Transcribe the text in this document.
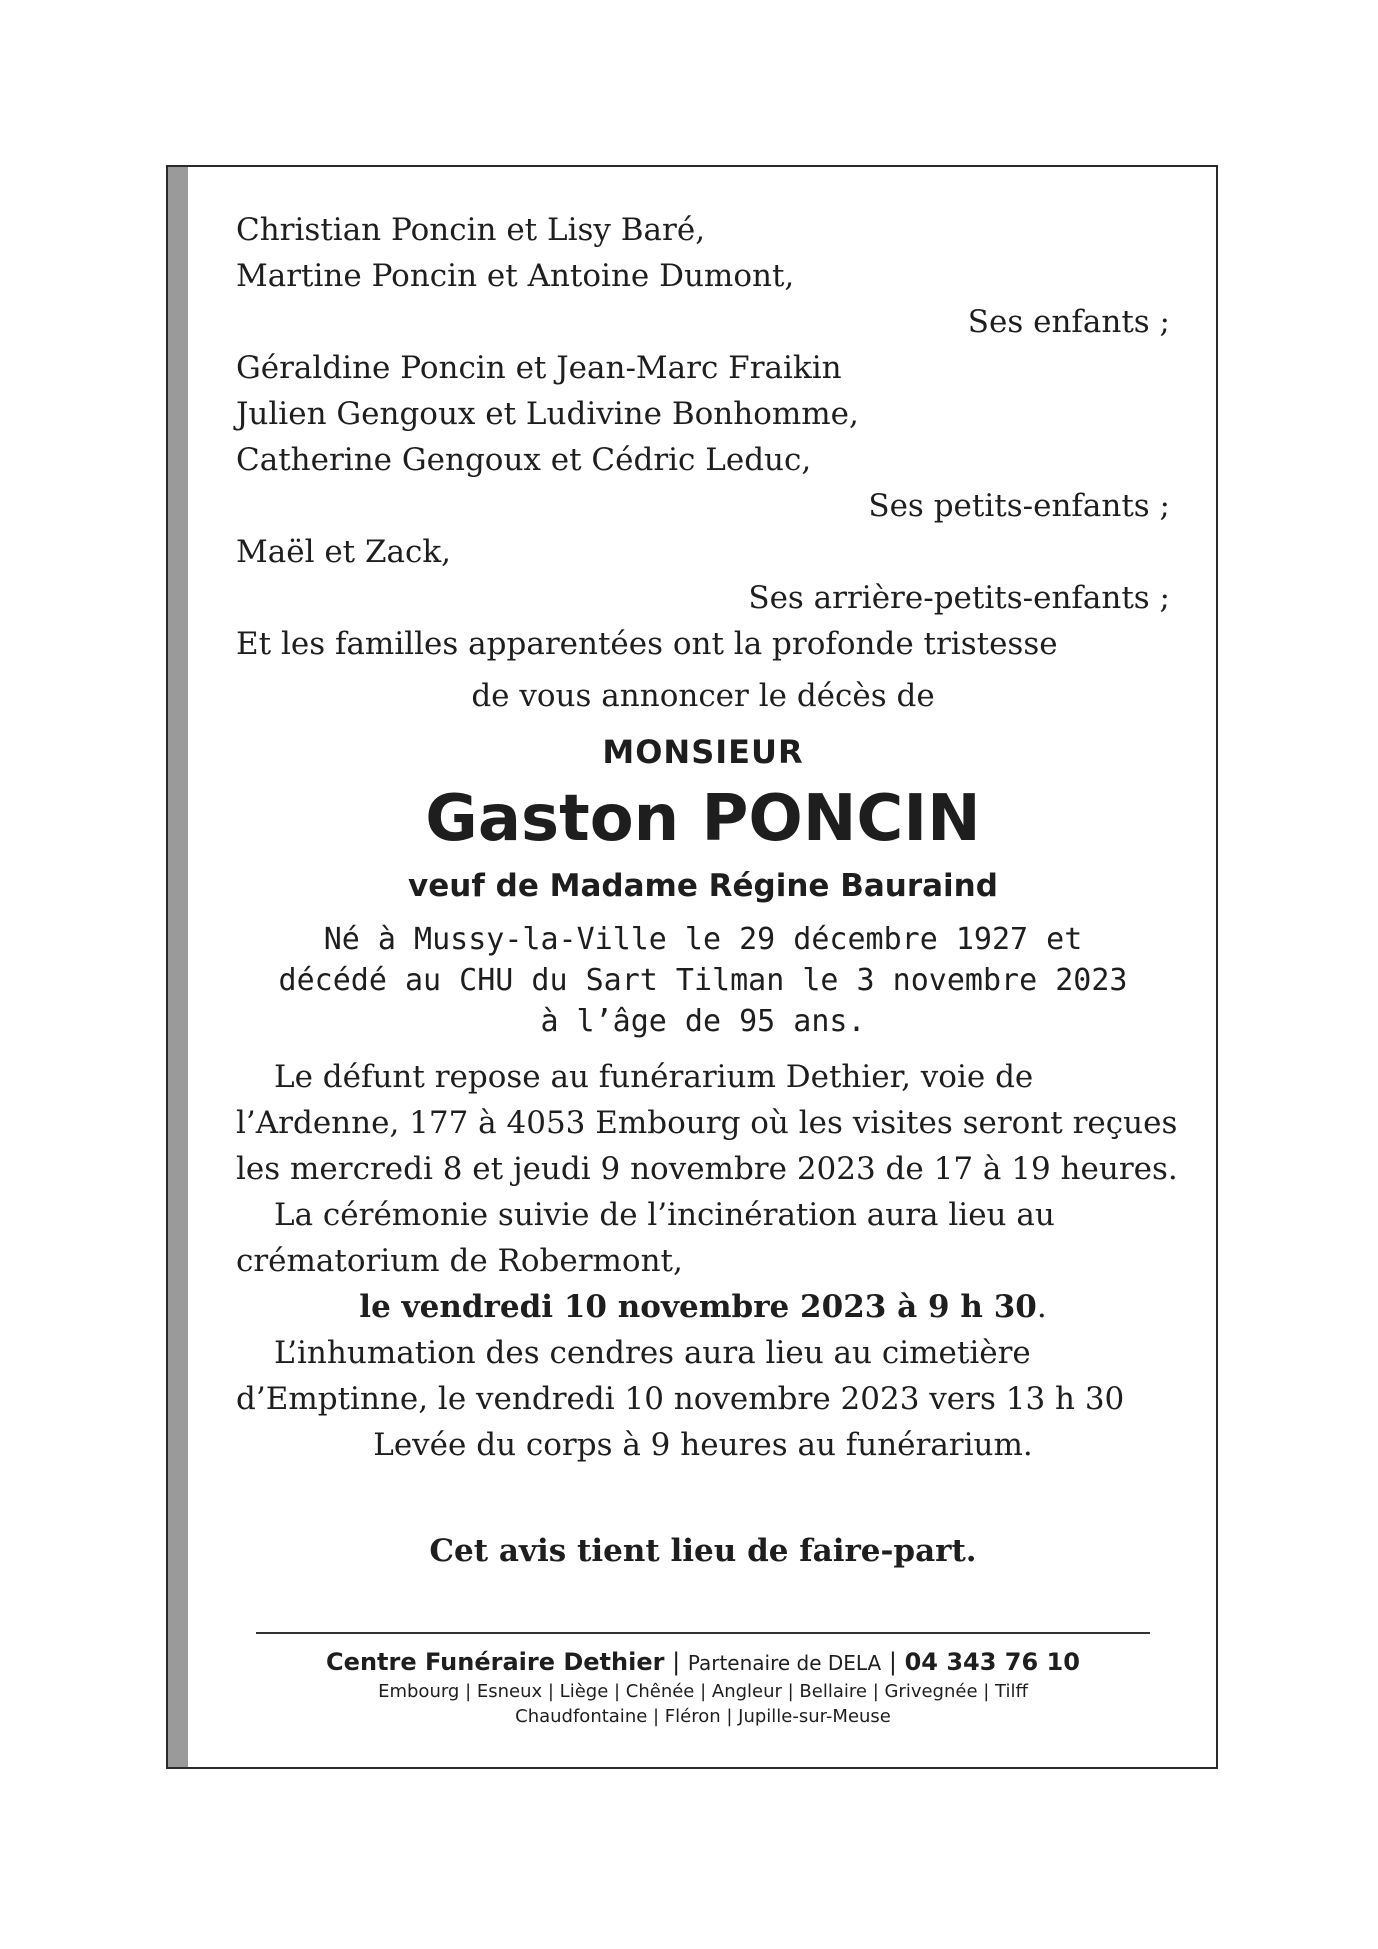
Christian Poncin et Lisy Baré,
Martine Poncin et Antoine Dumont,
Ses enfants ;
Géraldine Poncin et Jean-Marc Fraikin
Julien Gengoux et Ludivine Bonhomme,
Catherine Gengoux et Cédric Leduc,
Ses petits-enfants ;
Maël et Zack,
Ses arrière-petits-enfants ;
Et les familles apparentées ont la profonde tristesse
de vous annoncer le décès de
MONSIEUR
Gaston PONCIN
veuf de Madame Régine Bauraind
Né à Mussy-la-Ville le 29 décembre 1927 et
décédé au CHU du Sart Tilman le 3 novembre 2023
à l’âge de 95 ans.
Le défunt repose au funérarium Dethier, voie de
l’Ardenne, 177 à 4053 Embourg où les visites seront reçues
les mercredi 8 et jeudi 9 novembre 2023 de 17 à 19 heures.
La cérémonie suivie de l’incinération aura lieu au
crématorium de Robermont,
le vendredi 10 novembre 2023 à 9 h 30.
L’inhumation des cendres aura lieu au cimetière
d’Emptinne, le vendredi 10 novembre 2023 vers 13 h 30
Levée du corps à 9 heures au funérarium.
Cet avis tient lieu de faire-part.
Centre Funéraire Dethier | Partenaire de DELA | 04 343 76 10
Embourg | Esneux | Liège | Chênée | Angleur | Bellaire | Grivegnée | Tilff
Chaudfontaine | Fléron | Jupille-sur-Meuse
